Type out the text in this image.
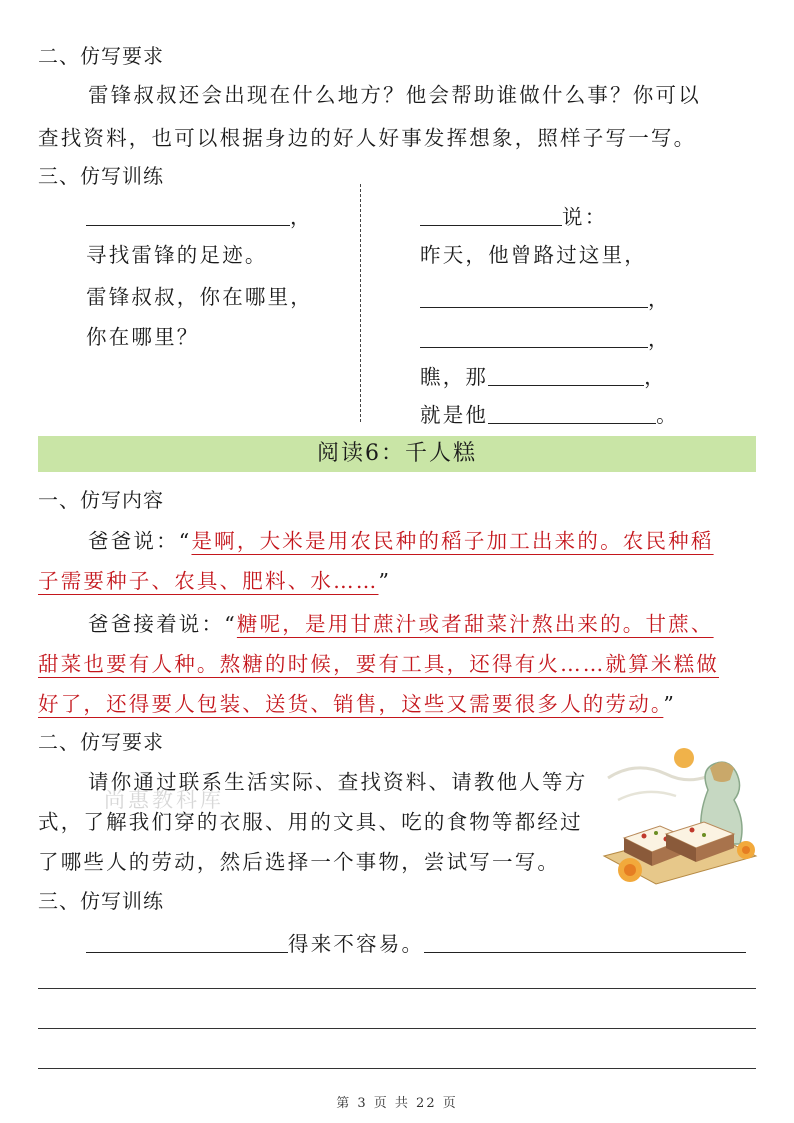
二、仿写要求
雷锋叔叔还会出现在什么地方？他会帮助谁做什么事？你可以
查找资料，也可以根据身边的好人好事发挥想象，照样子写一写。
三、仿写训练
，
寻找雷锋的足迹。
雷锋叔叔，你在哪里，
你在哪里？
说：
昨天，他曾路过这里，
，
，
瞧，那	，
就是他	。
阅读6：千人糕
一、仿写内容
爸爸说：“是啊，大米是用农民种的稻子加工出来的。农民种稻
子需要种子、农具、肥料、水……”
爸爸接着说：“糖呢，是用甘蔗汁或者甜菜汁熬出来的。甘蔗、
甜菜也要有人种。熬糖的时候，要有工具，还得有火……就算米糕做
好了，还得要人包装、送货、销售，这些又需要很多人的劳动。”
二、仿写要求
请你通过联系生活实际、查找资料、请教他人等方
式，了解我们穿的衣服、用的文具、吃的食物等都经过
了哪些人的劳动，然后选择一个事物，尝试写一写。
尚惠教科库
三、仿写训练
得来不容易。
第 3 页 共 22 页
